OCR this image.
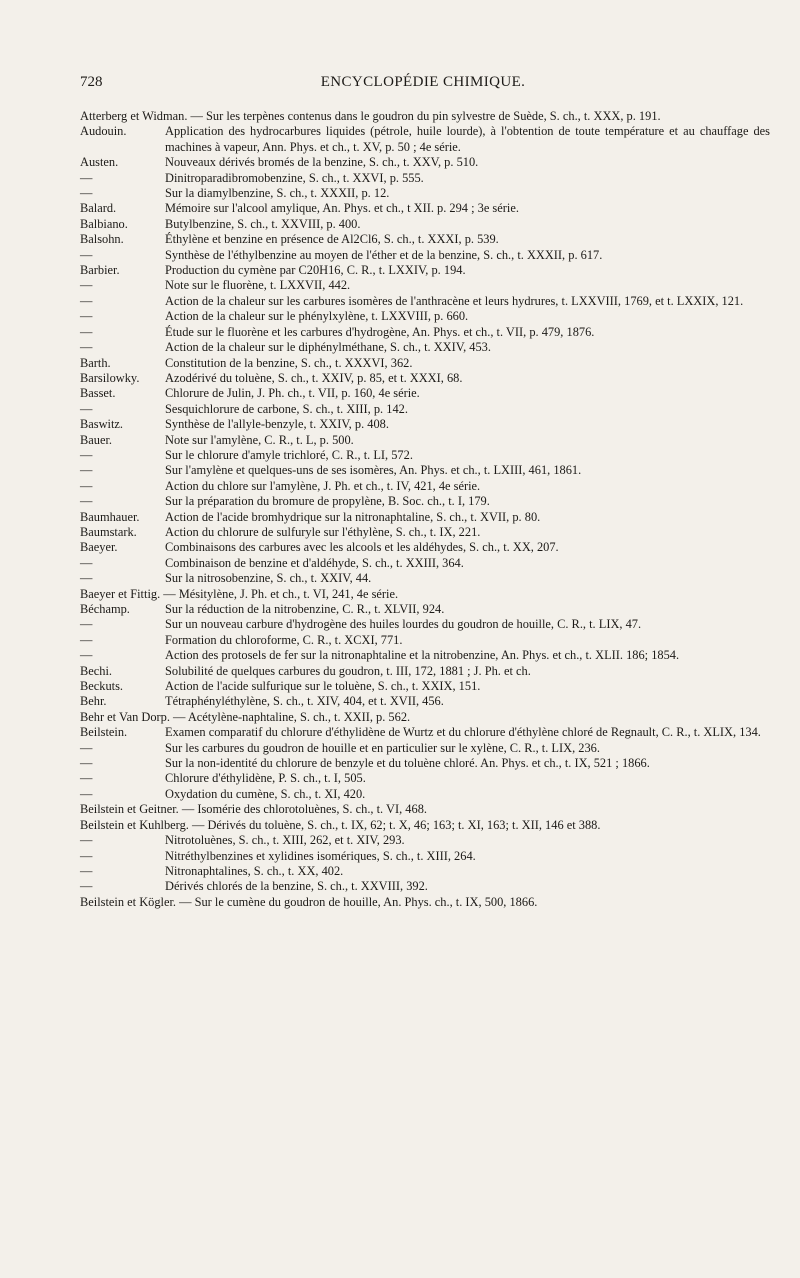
728	ENCYCLOPÉDIE CHIMIQUE.
Atterberg et Widman. — Sur les terpènes contenus dans le goudron du pin sylvestre de Suède, S. ch., t. XXX, p. 191.
Audouin.	Application des hydrocarbures liquides (pétrole, huile lourde), à l'obtention de toute température et au chauffage des machines à vapeur, Ann. Phys. et ch., t. XV, p. 50 ; 4e série.
Austen.	Nouveaux dérivés bromés de la benzine, S. ch., t. XXV, p. 510.
—	Dinitroparadibromobenzine, S. ch., t. XXVI, p. 555.
—	Sur la diamylbenzine, S. ch., t. XXXII, p. 12.
Balard.	Mémoire sur l'alcool amylique, An. Phys. et ch., t XII. p. 294 ; 3e série.
Balbiano.	Butylbenzine, S. ch., t. XXVIII, p. 400.
Balsohn.	Éthylène et benzine en présence de Al2Cl6, S. ch., t. XXXI, p. 539.
—	Synthèse de l'éthylbenzine au moyen de l'éther et de la benzine, S. ch., t. XXXII, p. 617.
Barbier.	Production du cymène par C20H16, C. R., t. LXXIV, p. 194.
—	Note sur le fluorène, t. LXXVII, 442.
—	Action de la chaleur sur les carbures isomères de l'anthracène et leurs hydrures, t. LXXVIII, 1769, et t. LXXIX, 121.
—	Action de la chaleur sur le phénylxylène, t. LXXVIII, p. 660.
—	Étude sur le fluorène et les carbures d'hydrogène, An. Phys. et ch., t. VII, p. 479, 1876.
—	Action de la chaleur sur le diphénylméthane, S. ch., t. XXIV, 453.
Barth.	Constitution de la benzine, S. ch., t. XXXVI, 362.
Barsilowky.	Azodérivé du toluène, S. ch., t. XXIV, p. 85, et t. XXXI, 68.
Basset.	Chlorure de Julin, J. Ph. ch., t. VII, p. 160, 4e série.
—	Sesquichlorure de carbone, S. ch., t. XIII, p. 142.
Baswitz.	Synthèse de l'allyle-benzyle, t. XXIV, p. 408.
Bauer.	Note sur l'amylène, C. R., t. L, p. 500.
—	Sur le chlorure d'amyle trichloré, C. R., t. LI, 572.
—	Sur l'amylène et quelques-uns de ses isomères, An. Phys. et ch., t. LXIII, 461, 1861.
—	Action du chlore sur l'amylène, J. Ph. et ch., t. IV, 421, 4e série.
—	Sur la préparation du bromure de propylène, B. Soc. ch., t. I, 179.
Baumhauer.	Action de l'acide bromhydrique sur la nitronaphtaline, S. ch., t. XVII, p. 80.
Baumstark.	Action du chlorure de sulfuryle sur l'éthylène, S. ch., t. IX, 221.
Baeyer.	Combinaisons des carbures avec les alcools et les aldéhydes, S. ch., t. XX, 207.
—	Combinaison de benzine et d'aldéhyde, S. ch., t. XXIII, 364.
—	Sur la nitrosobenzine, S. ch., t. XXIV, 44.
Baeyer et Fittig. — Mésitylène, J. Ph. et ch., t. VI, 241, 4e série.
Béchamp.	Sur la réduction de la nitrobenzine, C. R., t. XLVII, 924.
—	Sur un nouveau carbure d'hydrogène des huiles lourdes du goudron de houille, C. R., t. LIX, 47.
—	Formation du chloroforme, C. R., t. XCXI, 771.
—	Action des protosels de fer sur la nitronaphtaline et la nitrobenzine, An. Phys. et ch., t. XLII. 186; 1854.
Bechi.	Solubilité de quelques carbures du goudron, t. III, 172, 1881 ; J. Ph. et ch.
Beckuts.	Action de l'acide sulfurique sur le toluène, S. ch., t. XXIX, 151.
Behr.	Tétraphényléthylène, S. ch., t. XIV, 404, et t. XVII, 456.
Behr et Van Dorp. — Acétylène-naphtaline, S. ch., t. XXII, p. 562.
Beilstein.	Examen comparatif du chlorure d'éthylidène de Wurtz et du chlorure d'éthylène chloré de Regnault, C. R., t. XLIX, 134.
—	Sur les carbures du goudron de houille et en particulier sur le xylène, C. R., t. LIX, 236.
—	Sur la non-identité du chlorure de benzyle et du toluène chloré. An. Phys. et ch., t. IX, 521 ; 1866.
—	Chlorure d'éthylidène, P. S. ch., t. I, 505.
—	Oxydation du cumène, S. ch., t. XI, 420.
Beilstein et Geitner. — Isomérie des chlorotoluènes, S. ch., t. VI, 468.
Beilstein et Kuhlberg. — Dérivés du toluène, S. ch., t. IX, 62; t. X, 46; 163; t. XI, 163; t. XII, 146 et 388.
—	Nitrotoluènes, S. ch., t. XIII, 262, et t. XIV, 293.
—	Nitréthylbenzines et xylidines isomériques, S. ch., t. XIII, 264.
—	Nitronaphtalines, S. ch., t. XX, 402.
—	Dérivés chlorés de la benzine, S. ch., t. XXVIII, 392.
Beilstein et Kögler. — Sur le cumène du goudron de houille, An. Phys. ch., t. IX, 500, 1866.
